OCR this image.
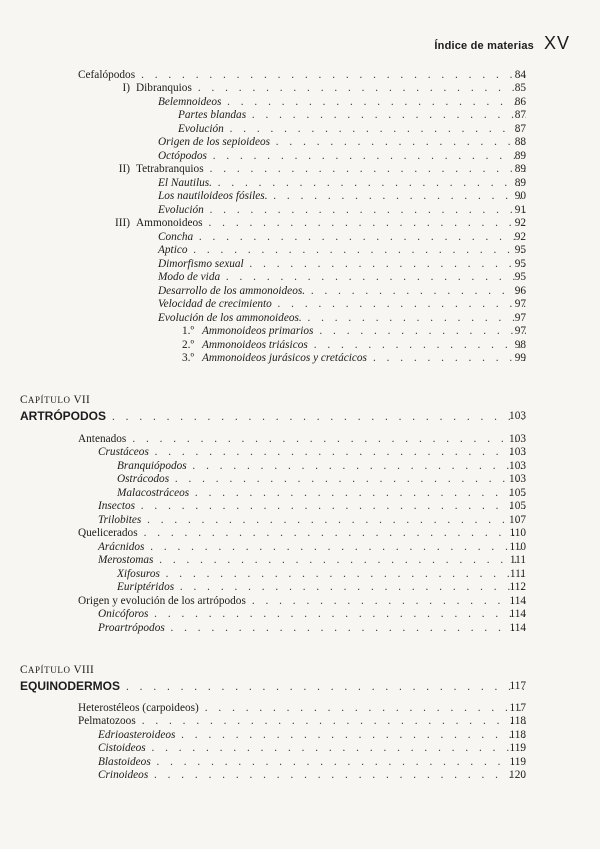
Índice de materias XV
Cefalópodos . . .	84
I) Dibranquios . . .	85
Belemnoideos . . .	86
Partes blandas . . .	87
Evolución . . .	87
Origen de los sepioideos . . .	88
Octópodos . . .	89
II) Tetrabranquios . . .	89
El Nautilus. . . .	89
Los nautiloideos fósiles. . . .	90
Evolución . . .	91
III) Ammonoideos . . .	92
Concha . . .	92
Aptico . . .	95
Dimorfismo sexual . . .	95
Modo de vida . . .	95
Desarrollo de los ammonoideos. . . .	96
Velocidad de crecimiento . . .	97
Evolución de los ammonoideos. . . .	97
1.º Ammonoideos primarios . . .	97
2.º Ammonoideos triásicos . . .	98
3.º Ammonoideos jurásicos y cretácicos . . .	99
CAPÍTULO VII
ARTRÓPODOS . . .	103
Antenados . . .	103
Crustáceos . . .	103
Branquiópodos . . .	103
Ostrácodos . . .	103
Malacostráceos . . .	105
Insectos . . .	105
Trilobites . . .	107
Quelicerados . . .	110
Arácnidos . . .	110
Merostomas . . .	111
Xifosuros . . .	111
Euriptéridos . . .	112
Origen y evolución de los artrópodos . . .	114
Onicóforos . . .	114
Proartrópodos . . .	114
CAPÍTULO VIII
EQUINODERMOS . . .	117
Heterostéleos (carpoideos) . . .	117
Pelmatozoos . . .	118
Edrioasteroideos . . .	118
Cistoideos . . .	119
Blastoideos . . .	119
Crinoideos . . .	120
